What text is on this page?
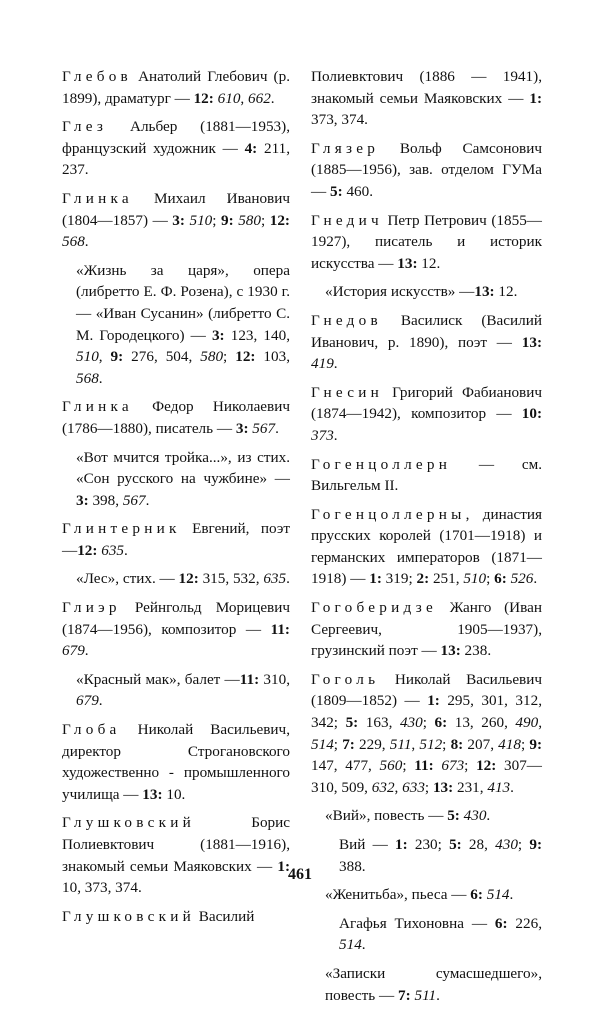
Глебов Анатолий Глебович (р. 1899), драматург — 12: 610, 662.
Глез Альбер (1881—1953), французский художник — 4: 211, 237.
Глинка Михаил Иванович (1804—1857) — 3: 510; 9: 580; 12: 568.
«Жизнь за царя», опера (либретто Е. Ф. Розена), с 1930 г.— «Иван Сусанин» (либретто С. М. Городецкого) — 3: 123, 140, 510, 9: 276, 504, 580; 12: 103, 568.
Глинка Федор Николаевич (1786—1880), писатель — 3: 567.
«Вот мчится тройка...», из стих. «Сон русского на чужбине» — 3: 398, 567.
Глинтерник Евгений, поэт —12: 635.
«Лес», стих. — 12: 315, 532, 635.
Глиэр Рейнгольд Морицевич (1874—1956), композитор — 11: 679.
«Красный мак», балет —11: 310, 679.
Глоба Николай Васильевич, директор Строгановского художественно - промышленного училища — 13: 10.
Глушковский Борис Полиевктович (1881—1916), знакомый семьи Маяковских — 1: 10, 373, 374.
Глушковский Василий
Полиевктович (1886 — 1941), знакомый семьи Маяковских — 1: 373, 374.
Глязер Вольф Самсонович (1885—1956), зав. отделом ГУМа — 5: 460.
Гнедич Петр Петрович (1855—1927), писатель и историк искусства — 13: 12.
«История искусств» —13: 12.
Гнедов Василиск (Василий Иванович, р. 1890), поэт — 13: 419.
Гнесин Григорий Фабианович (1874—1942), композитор — 10: 373.
Гогенцоллерн — см. Вильгельм II.
Гогенцоллерны, династия прусских королей (1701—1918) и германских императоров (1871—1918) — 1: 319; 2: 251, 510; 6: 526.
Гогоберидзе Жанго (Иван Сергеевич, 1905—1937), грузинский поэт — 13: 238.
Гоголь Николай Васильевич (1809—1852) — 1: 295, 301, 312, 342; 5: 163, 430; 6: 13, 260, 490, 514; 7: 229, 511, 512; 8: 207, 418; 9: 147, 477, 560; 11: 673; 12: 307—310, 509, 632, 633; 13: 231, 413.
«Вий», повесть — 5: 430.
Вий — 1: 230; 5: 28, 430; 9: 388.
«Женитьба», пьеса — 6: 514.
Агафья Тихоновна — 6: 226, 514.
«Записки сумасшедшего», повесть — 7: 511.
461
